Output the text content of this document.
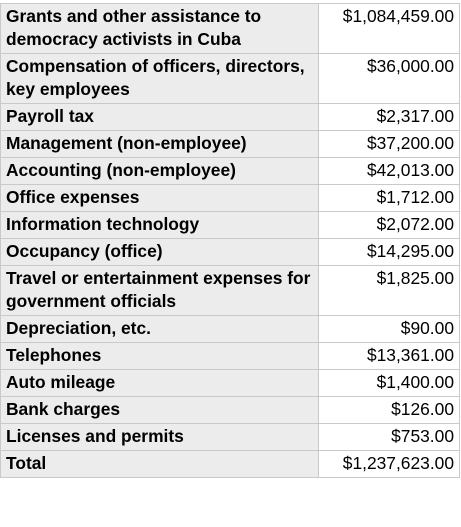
Grants and other assistance to democracy activists in Cuba	$1,084,459.00
Compensation of officers, directors, key employees	$36,000.00
Payroll tax	$2,317.00
Management (non-employee)	$37,200.00
Accounting (non-employee)	$42,013.00
Office expenses	$1,712.00
Information technology	$2,072.00
Occupancy (office)	$14,295.00
Travel or entertainment expenses for government officials	$1,825.00
Depreciation, etc.	$90.00
Telephones	$13,361.00
Auto mileage	$1,400.00
Bank charges	$126.00
Licenses and permits	$753.00
Total	$1,237,623.00
